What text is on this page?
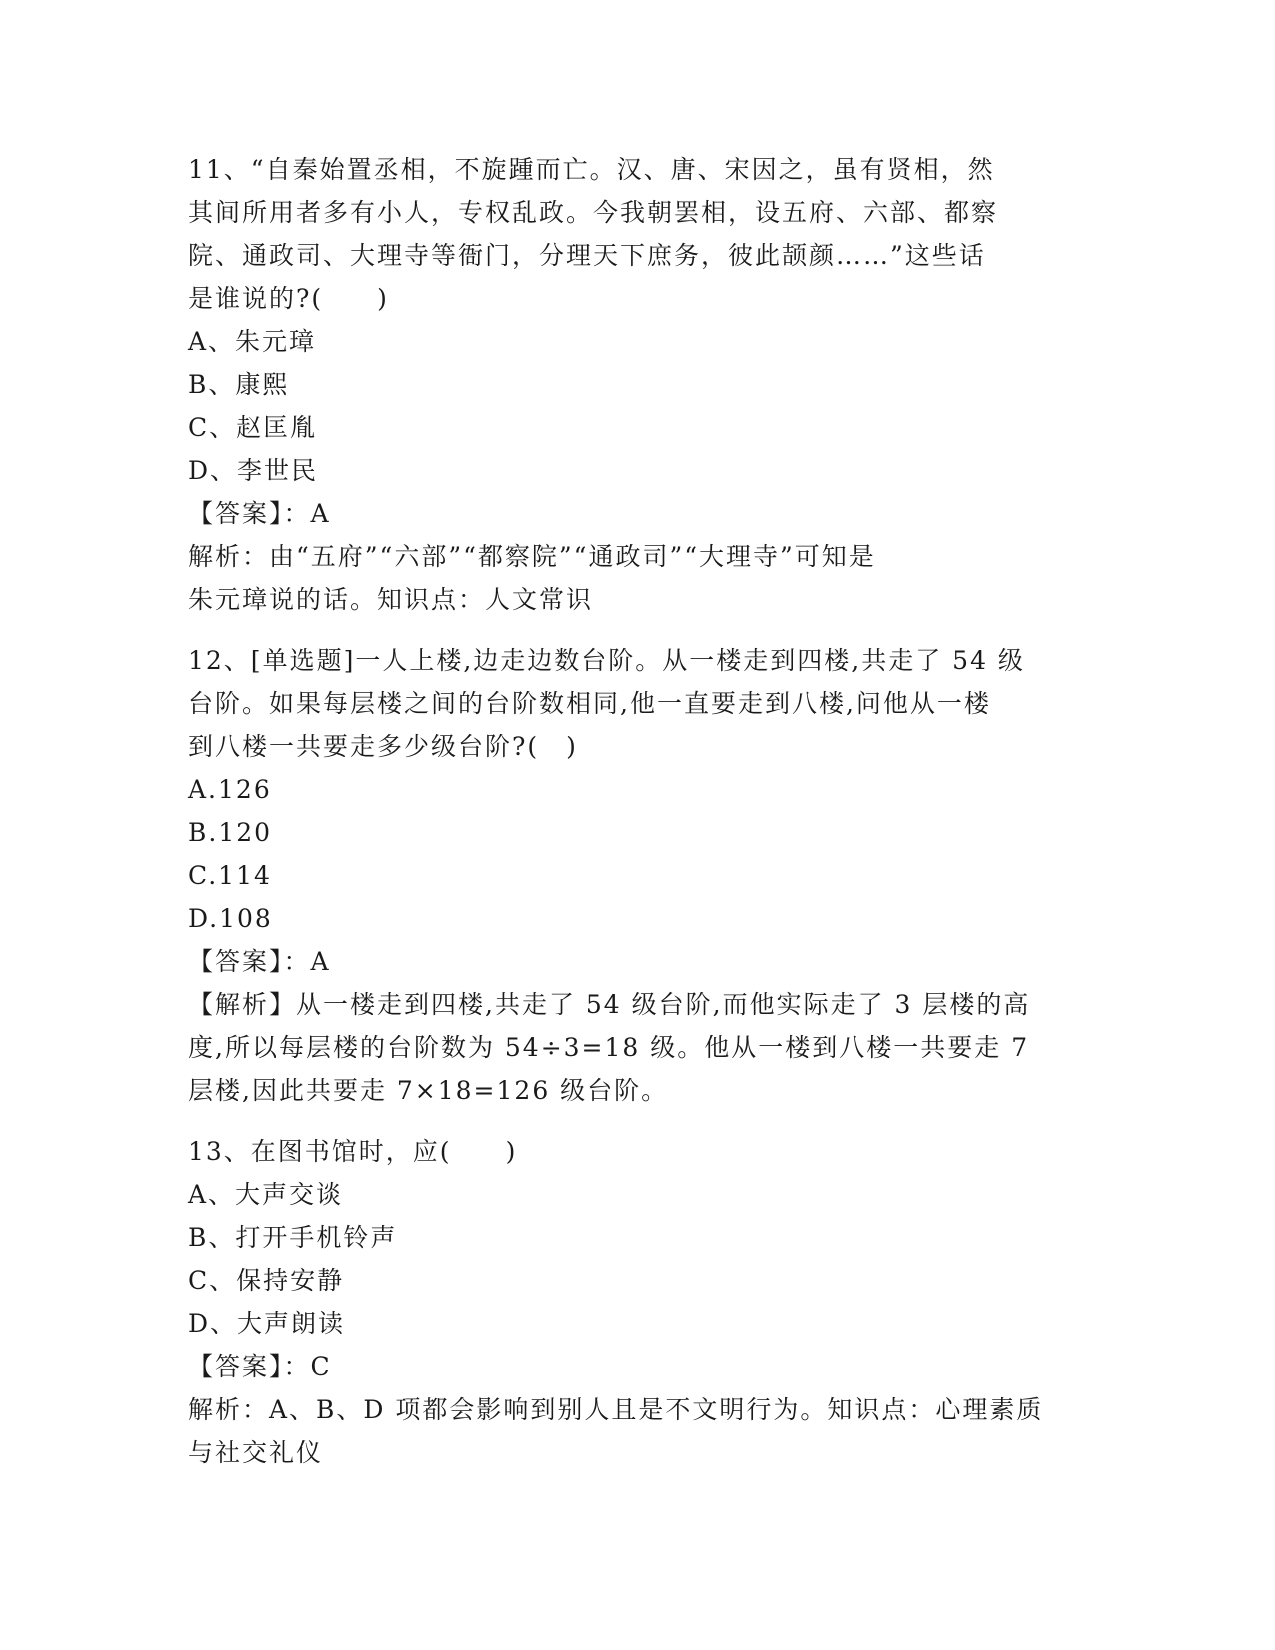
11、“自秦始置丞相，不旋踵而亡。汉、唐、宋因之，虽有贤相，然
其间所用者多有小人，专权乱政。今我朝罢相，设五府、六部、都察
院、通政司、大理寺等衙门，分理天下庶务，彼此颉颜……”这些话
是谁说的?(　　)
A、朱元璋
B、康熙
C、赵匡胤
D、李世民
【答案】：A
解析：由“五府”“六部”“都察院”“通政司”“大理寺”可知是
朱元璋说的话。知识点：人文常识
12、[单选题]一人上楼,边走边数台阶。从一楼走到四楼,共走了 54 级
台阶。如果每层楼之间的台阶数相同,他一直要走到八楼,问他从一楼
到八楼一共要走多少级台阶?(　)
A.126
B.120
C.114
D.108
【答案】：A
【解析】从一楼走到四楼,共走了 54 级台阶,而他实际走了 3 层楼的高
度,所以每层楼的台阶数为 54÷3=18 级。他从一楼到八楼一共要走 7
层楼,因此共要走 7×18=126 级台阶。
13、在图书馆时，应(　　)
A、大声交谈
B、打开手机铃声
C、保持安静
D、大声朗读
【答案】：C
解析：A、B、D 项都会影响到别人且是不文明行为。知识点：心理素质
与社交礼仪
